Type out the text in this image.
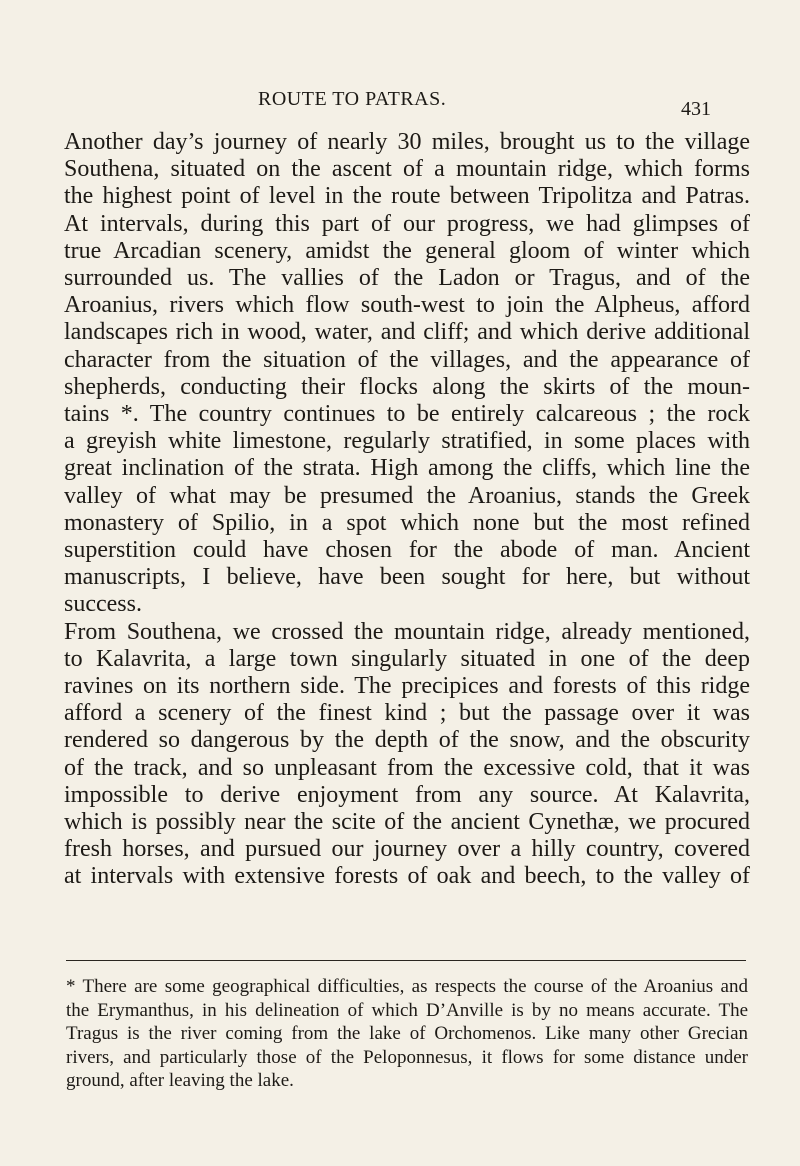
ROUTE TO PATRAS.	431
Another day’s journey of nearly 30 miles, brought us to the village
Southena, situated on the ascent of a mountain ridge, which forms
the highest point of level in the route between Tripolitza and Patras.
At intervals, during this part of our progress, we had glimpses of
true Arcadian scenery, amidst the general gloom of winter which
surrounded us. The vallies of the Ladon or Tragus, and of the
Aroanius, rivers which flow south-west to join the Alpheus, afford
landscapes rich in wood, water, and cliff; and which derive additional
character from the situation of the villages, and the appearance of
shepherds, conducting their flocks along the skirts of the moun-
tains *. The country continues to be entirely calcareous ; the rock
a greyish white limestone, regularly stratified, in some places with
great inclination of the strata. High among the cliffs, which line the
valley of what may be presumed the Aroanius, stands the Greek
monastery of Spilio, in a spot which none but the most refined
superstition could have chosen for the abode of man. Ancient
manuscripts, I believe, have been sought for here, but without
success.
From Southena, we crossed the mountain ridge, already mentioned,
to Kalavrita, a large town singularly situated in one of the deep
ravines on its northern side. The precipices and forests of this ridge
afford a scenery of the finest kind ; but the passage over it was
rendered so dangerous by the depth of the snow, and the obscurity
of the track, and so unpleasant from the excessive cold, that it was
impossible to derive enjoyment from any source. At Kalavrita,
which is possibly near the scite of the ancient Cynethæ, we procured
fresh horses, and pursued our journey over a hilly country, covered
at intervals with extensive forests of oak and beech, to the valley of
* There are some geographical difficulties, as respects the course of the Aroanius and
the Erymanthus, in his delineation of which D’Anville is by no means accurate. The
Tragus is the river coming from the lake of Orchomenos. Like many other Grecian
rivers, and particularly those of the Peloponnesus, it flows for some distance under
ground, after leaving the lake.
